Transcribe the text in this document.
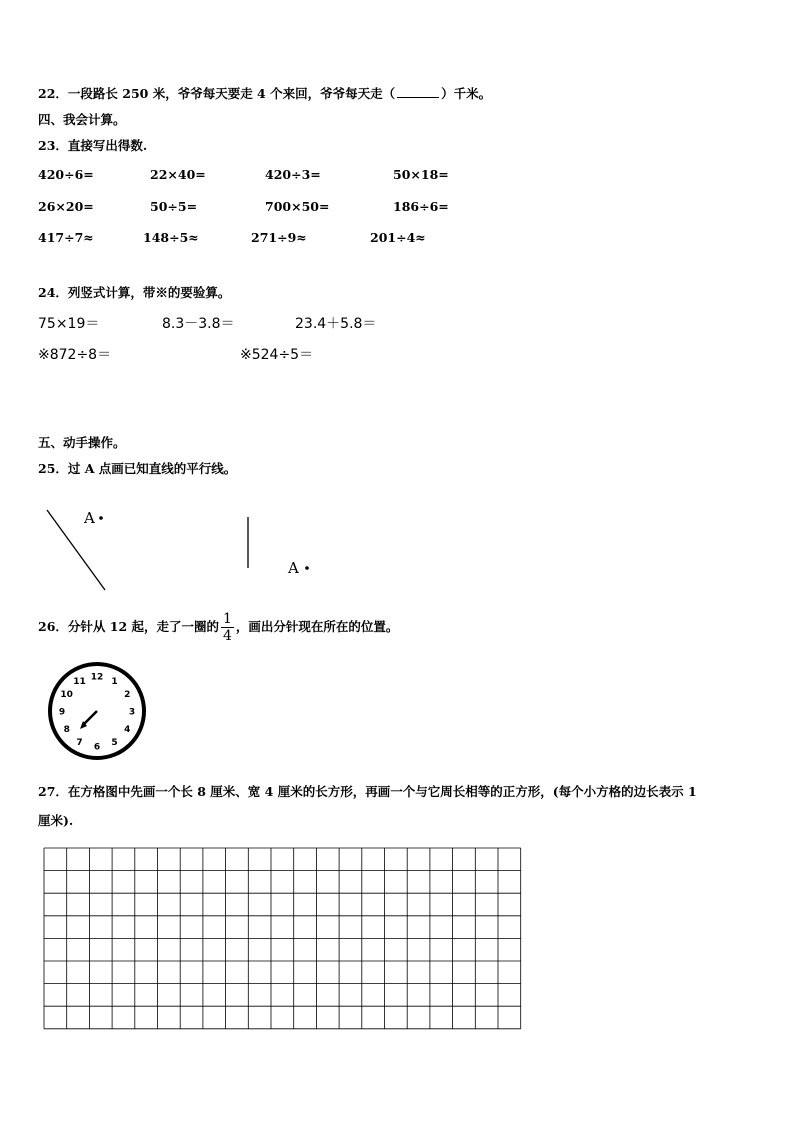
22．一段路长 250 米，爷爷每天要走 4 个来回，爷爷每天走（	）千米。
四、我会计算。
23．直接写出得数.
420÷6=	22×40=	420÷3=	50×18=
26×20=	50÷5=	700×50=	186÷6=
417÷7≈	148÷5≈	271÷9≈	201÷4≈
24．列竖式计算，带※的要验算。
75×19＝	8.3－3.8＝	23.4＋5.8＝
※872÷8＝	※524÷5＝
五、动手操作。
25．过 A 点画已知直线的平行线。
A
A
26．分针从 12 起，走了一圈的 $\frac{1}{4}$ ，画出分针现在所在的位置。
12 1
2
3
4
5
6
7
8
9
10
11
27．在方格图中先画一个长 8 厘米、宽 4 厘米的长方形，再画一个与它周长相等的正方形，(每个小方格的边长表示 1
厘米).
